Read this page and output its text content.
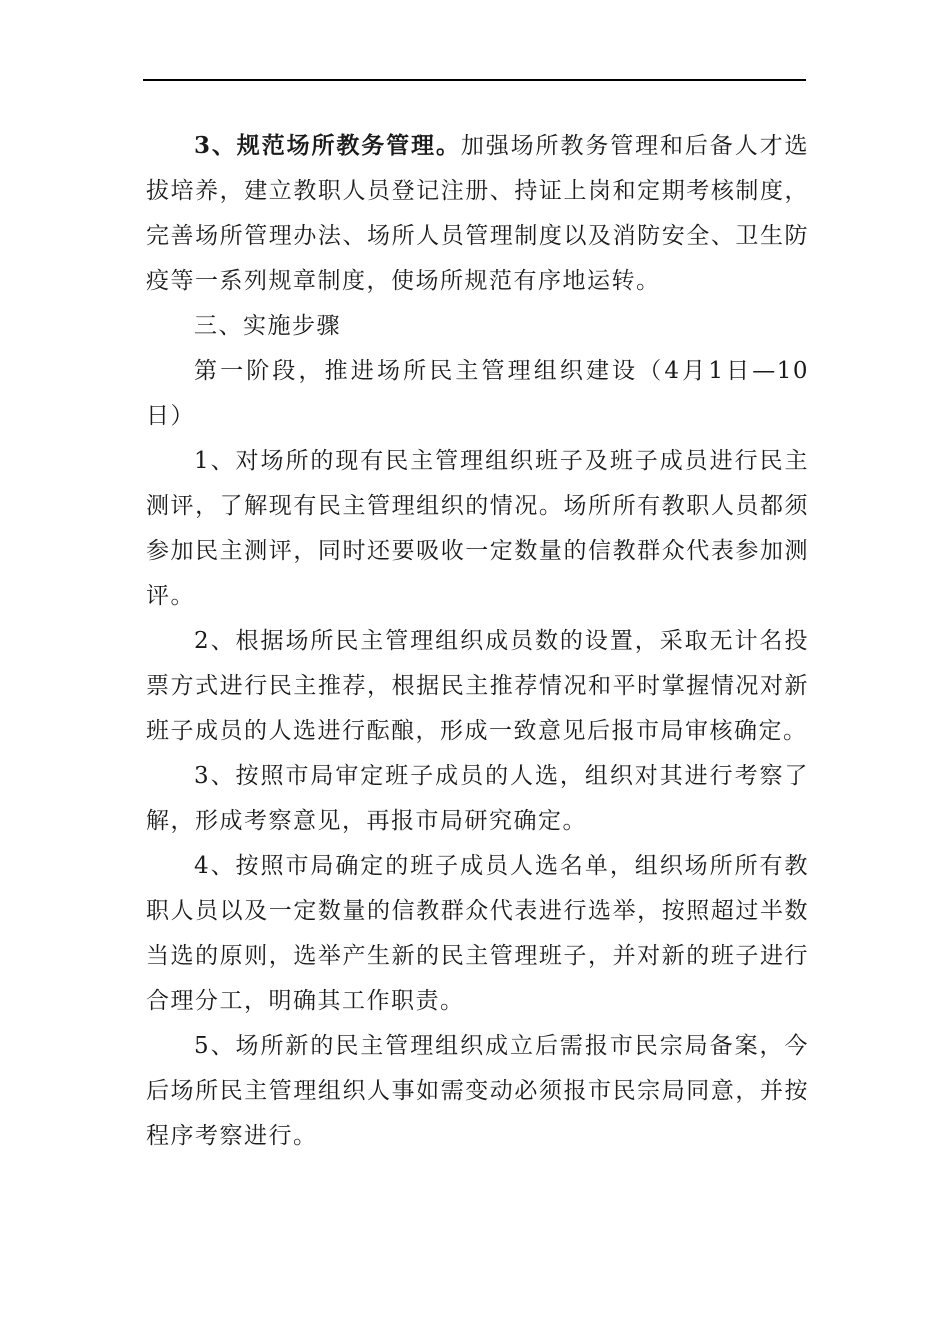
3、规范场所教务管理。加强场所教务管理和后备人才选拔培养，建立教职人员登记注册、持证上岗和定期考核制度，完善场所管理办法、场所人员管理制度以及消防安全、卫生防疫等一系列规章制度，使场所规范有序地运转。

三、实施步骤

第一阶段，推进场所民主管理组织建设（4月1日—10日）

1、对场所的现有民主管理组织班子及班子成员进行民主测评，了解现有民主管理组织的情况。场所所有教职人员都须参加民主测评，同时还要吸收一定数量的信教群众代表参加测评。

2、根据场所民主管理组织成员数的设置，采取无计名投票方式进行民主推荐，根据民主推荐情况和平时掌握情况对新班子成员的人选进行酝酿，形成一致意见后报市局审核确定。

3、按照市局审定班子成员的人选，组织对其进行考察了解，形成考察意见，再报市局研究确定。

4、按照市局确定的班子成员人选名单，组织场所所有教职人员以及一定数量的信教群众代表进行选举，按照超过半数当选的原则，选举产生新的民主管理班子，并对新的班子进行合理分工，明确其工作职责。

5、场所新的民主管理组织成立后需报市民宗局备案，今后场所民主管理组织人事如需变动必须报市民宗局同意，并按程序考察进行。
